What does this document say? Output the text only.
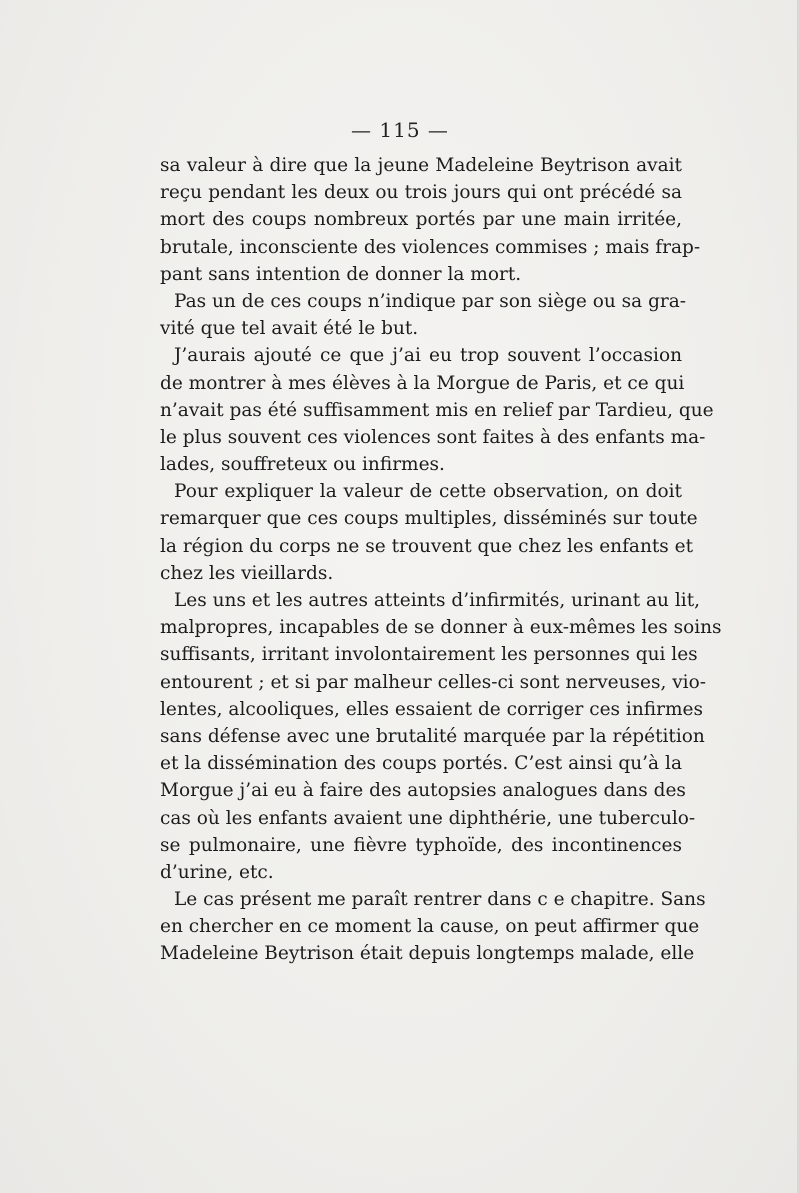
— 115 —
sa valeur à dire que la jeune Madeleine Beytrison avait
reçu pendant les deux ou trois jours qui ont précédé sa
mort des coups nombreux portés par une main irritée,
brutale, inconsciente des violences commises ; mais frap-
pant sans intention de donner la mort.
Pas un de ces coups n’indique par son siège ou sa gra-
vité que tel avait été le but.
J’aurais ajouté ce que j’ai eu trop souvent l’occasion
de montrer à mes élèves à la Morgue de Paris, et ce qui
n’avait pas été suffisamment mis en relief par Tardieu, que
le plus souvent ces violences sont faites à des enfants ma-
lades, souffreteux ou infirmes.
Pour expliquer la valeur de cette observation, on doit
remarquer que ces coups multiples, disséminés sur toute
la région du corps ne se trouvent que chez les enfants et
chez les vieillards.
Les uns et les autres atteints d’infirmités, urinant au lit,
malpropres, incapables de se donner à eux-mêmes les soins
suffisants, irritant involontairement les personnes qui les
entourent ; et si par malheur celles-ci sont nerveuses, vio-
lentes, alcooliques, elles essaient de corriger ces infirmes
sans défense avec une brutalité marquée par la répétition
et la dissémination des coups portés. C’est ainsi qu’à la
Morgue j’ai eu à faire des autopsies analogues dans des
cas où les enfants avaient une diphthérie, une tuberculo-
se pulmonaire, une fièvre typhoïde, des incontinences
d’urine, etc.
Le cas présent me paraît rentrer dans c e chapitre. Sans
en chercher en ce moment la cause, on peut affirmer que
Madeleine Beytrison était depuis longtemps malade, elle
